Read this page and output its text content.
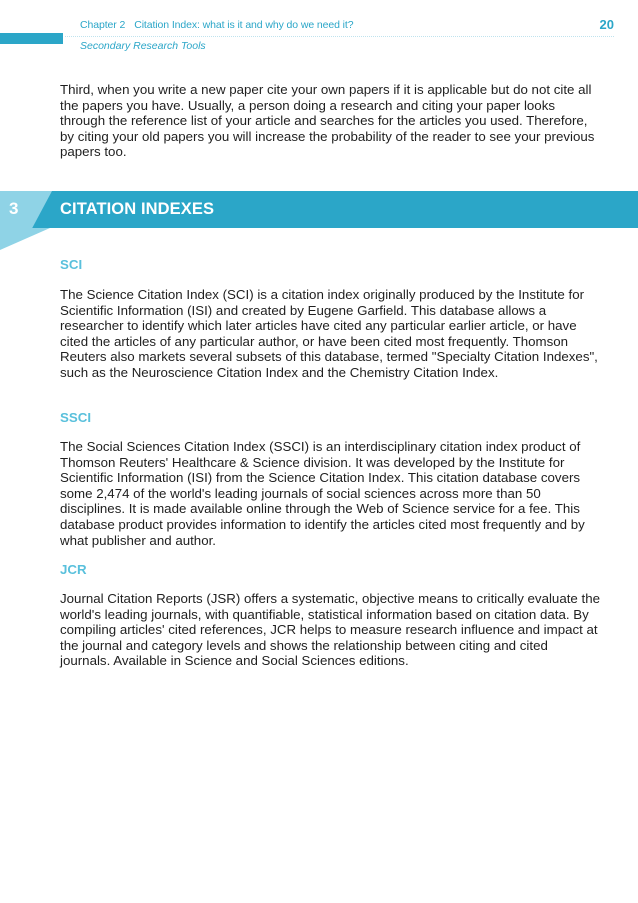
Chapter 2 Citation Index: what is it and why do we need it?	20
Secondary Research Tools

Third, when you write a new paper cite your own papers if it is applicable but do not cite all the papers you have. Usually, a person doing a research and citing your paper looks through the reference list of your article and searches for the articles you used. Therefore, by citing your old papers you will increase the probability of the reader to see your previous papers too.

3	CITATION INDEXES
SCI

The Science Citation Index (SCI) is a citation index originally produced by the Institute for Scientific Information (ISI) and created by Eugene Garfield. This database allows a researcher to identify which later articles have cited any particular earlier article, or have cited the articles of any particular author, or have been cited most frequently. Thomson Reuters also markets several subsets of this database, termed "Specialty Citation Indexes", such as the Neuroscience Citation Index and the Chemistry Citation Index.

SSCI

The Social Sciences Citation Index (SSCI) is an interdisciplinary citation index product of Thomson Reuters' Healthcare & Science division. It was developed by the Institute for Scientific Information (ISI) from the Science Citation Index. This citation database covers some 2,474 of the world's leading journals of social sciences across more than 50 disciplines. It is made available online through the Web of Science service for a fee. This database product provides information to identify the articles cited most frequently and by what publisher and author.

JCR

Journal Citation Reports (JSR) offers a systematic, objective means to critically evaluate the world's leading journals, with quantifiable, statistical information based on citation data. By compiling articles' cited references, JCR helps to measure research influence and impact at the journal and category levels and shows the relationship between citing and cited journals. Available in Science and Social Sciences editions.
